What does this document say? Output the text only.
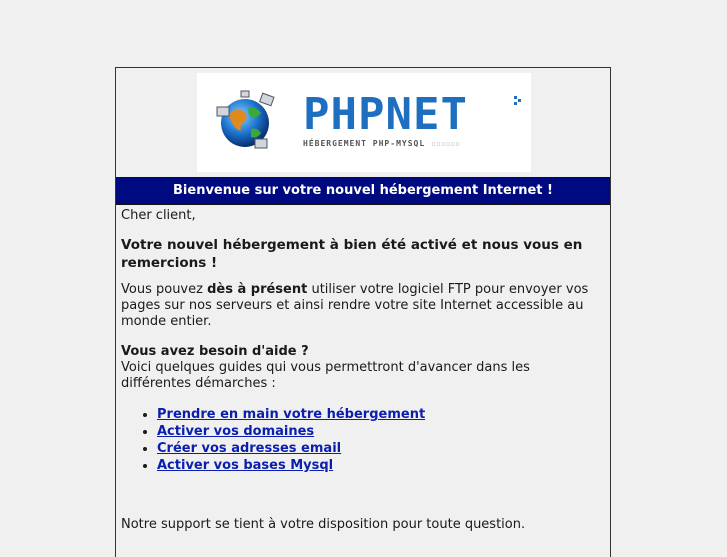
PHPNET
HÉBERGEMENT PHP-MYSQL ▫▫▫▫▫▫
Bienvenue sur votre nouvel hébergement Internet !

Cher client,

Votre nouvel hébergement à bien été activé et nous vous en remercions !

Vous pouvez dès à présent utiliser votre logiciel FTP pour envoyer vos pages sur nos serveurs et ainsi rendre votre site Internet accessible au monde entier.

Vous avez besoin d'aide ?

Voici quelques guides qui vous permettront d'avancer dans les différentes démarches :

• Prendre en main votre hébergement
• Activer vos domaines
• Créer vos adresses email
• Activer vos bases Mysql

Notre support se tient à votre disposition pour toute question.
